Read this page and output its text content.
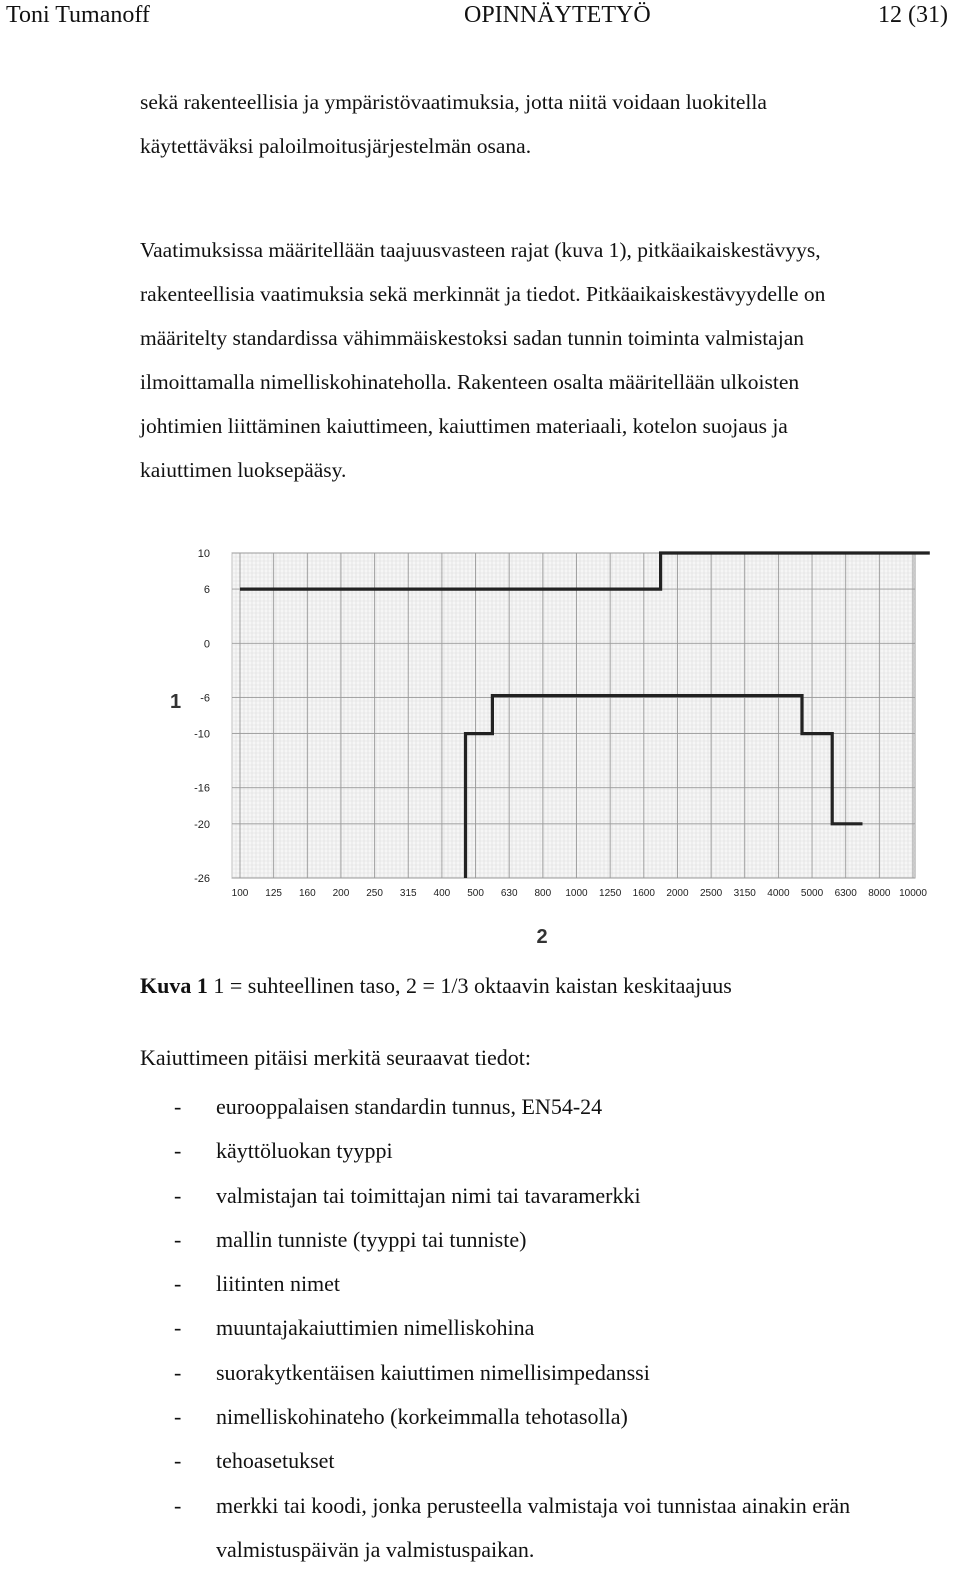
Toni Tumanoff	OPINNÄYTETYÖ	12 (31)

sekä rakenteellisia ja ympäristövaatimuksia, jotta niitä voidaan luokitella
käytettäväksi paloilmoitusjärjestelmän osana.

Vaatimuksissa määritellään taajuusvasteen rajat (kuva 1), pitkäaikaiskestävyys,
rakenteellisia vaatimuksia sekä merkinnät ja tiedot. Pitkäaikaiskestävyydelle on
määritelty standardissa vähimmäiskestoksi sadan tunnin toiminta valmistajan
ilmoittamalla nimelliskohinateholla. Rakenteen osalta määritellään ulkoisten
johtimien liittäminen kaiuttimeen, kaiuttimen materiaali, kotelon suojaus ja
kaiuttimen luoksepääsy.

10
6
0
-6
-10
-16
-20
-26
100 125 160 200 250 315 400 500 630 800 1000 1250 1600 2000 2500 3150 4000 5000 6300 8000 10000
1
2
Kuva 1 1 = suhteellinen taso, 2 = 1/3 oktaavin kaistan keskitaajuus
Kaiuttimeen pitäisi merkitä seuraavat tiedot:
- eurooppalaisen standardin tunnus, EN54-24
- käyttöluokan tyyppi
- valmistajan tai toimittajan nimi tai tavaramerkki
- mallin tunniste (tyyppi tai tunniste)
- liitinten nimet
- muuntajakaiuttimien nimelliskohina
- suorakytkentäisen kaiuttimen nimellisimpedanssi
- nimelliskohinateho (korkeimmalla tehotasolla)
- tehoasetukset
- merkki tai koodi, jonka perusteella valmistaja voi tunnistaa ainakin erän
valmistuspäivän ja valmistuspaikan.
